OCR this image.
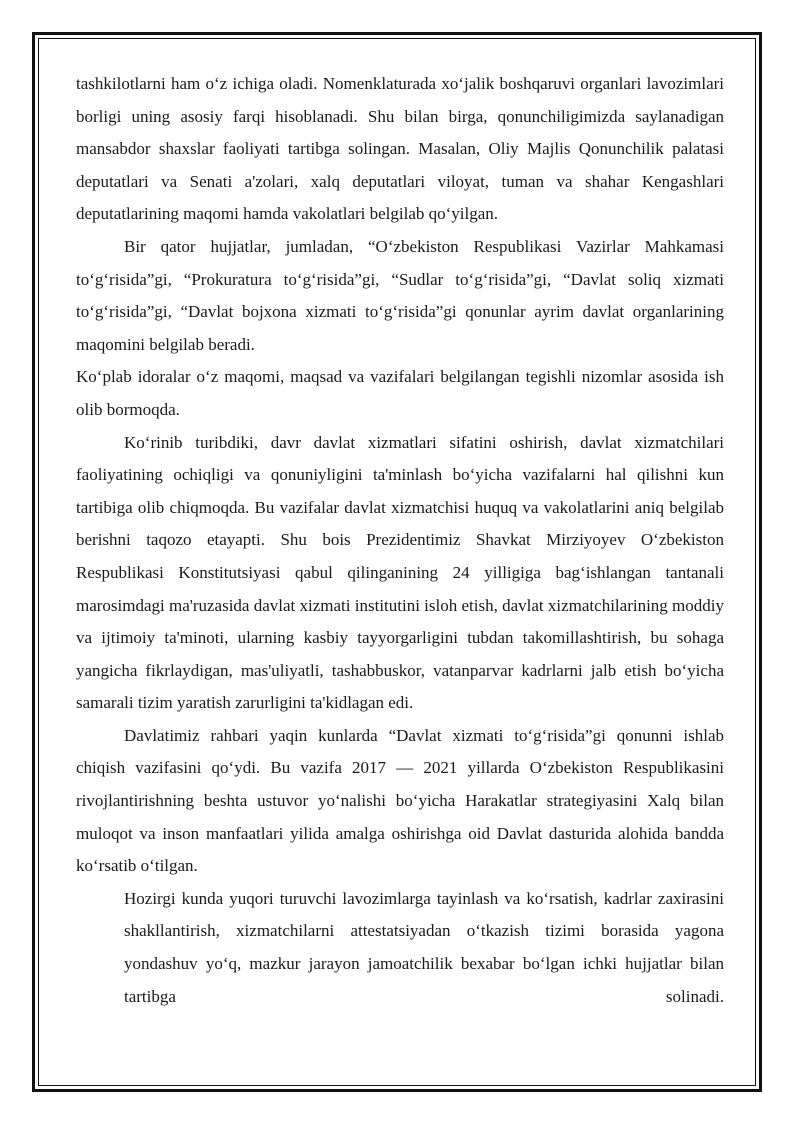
tashkilotlarni ham o‘z ichiga oladi. Nomenklaturada xo‘jalik boshqaruvi organlari lavozimlari borligi uning asosiy farqi hisoblanadi. Shu bilan birga, qonunchiligimizda saylanadigan mansabdor shaxslar faoliyati tartibga solingan. Masalan, Oliy Majlis Qonunchilik palatasi deputatlari va Senati a'zolari, xalq deputatlari viloyat, tuman va shahar Kengashlari deputatlarining maqomi hamda vakolatlari belgilab qo‘yilgan.

Bir qator hujjatlar, jumladan, “O‘zbekiston Respublikasi Vazirlar Mahkamasi to‘g‘risida”gi, “Prokuratura to‘g‘risida”gi, “Sudlar to‘g‘risida”gi, “Davlat soliq xizmati to‘g‘risida”gi, “Davlat bojxona xizmati to‘g‘risida”gi qonunlar ayrim davlat organlarining maqomini belgilab beradi.

Ko‘plab idoralar o‘z maqomi, maqsad va vazifalari belgilangan tegishli nizomlar asosida ish olib bormoqda.

Ko‘rinib turibdiki, davr davlat xizmatlari sifatini oshirish, davlat xizmatchilari faoliyatining ochiqligi va qonuniyligini ta'minlash bo‘yicha vazifalarni hal qilishni kun tartibiga olib chiqmoqda. Bu vazifalar davlat xizmatchisi huquq va vakolatlarini aniq belgilab berishni taqozo etayapti. Shu bois Prezidentimiz Shavkat Mirziyoyev O‘zbekiston Respublikasi Konstitutsiyasi qabul qilinganining 24 yilligiga bag‘ishlangan tantanali marosimdagi ma'ruzasida davlat xizmati institutini isloh etish, davlat xizmatchilarining moddiy va ijtimoiy ta'minoti, ularning kasbiy tayyorgarligini tubdan takomillashtirish, bu sohaga yangicha fikrlaydigan, mas'uliyatli, tashabbuskor, vatanparvar kadrlarni jalb etish bo‘yicha samarali tizim yaratish zarurligini ta'kidlagan edi.

Davlatimiz rahbari yaqin kunlarda “Davlat xizmati to‘g‘risida”gi qonunni ishlab chiqish vazifasini qo‘ydi. Bu vazifa 2017 — 2021 yillarda O‘zbekiston Respublikasini rivojlantirishning beshta ustuvor yo‘nalishi bo‘yicha Harakatlar strategiyasini Xalq bilan muloqot va inson manfaatlari yilida amalga oshirishga oid Davlat dasturida alohida bandda ko‘rsatib o‘tilgan.

Hozirgi kunda yuqori turuvchi lavozimlarga tayinlash va ko‘rsatish, kadrlar zaxirasini shakllantirish, xizmatchilarni attestatsiyadan o‘tkazish tizimi borasida yagona yondashuv yo‘q, mazkur jarayon jamoatchilik bexabar bo‘lgan ichki hujjatlar bilan tartibga solinadi.
